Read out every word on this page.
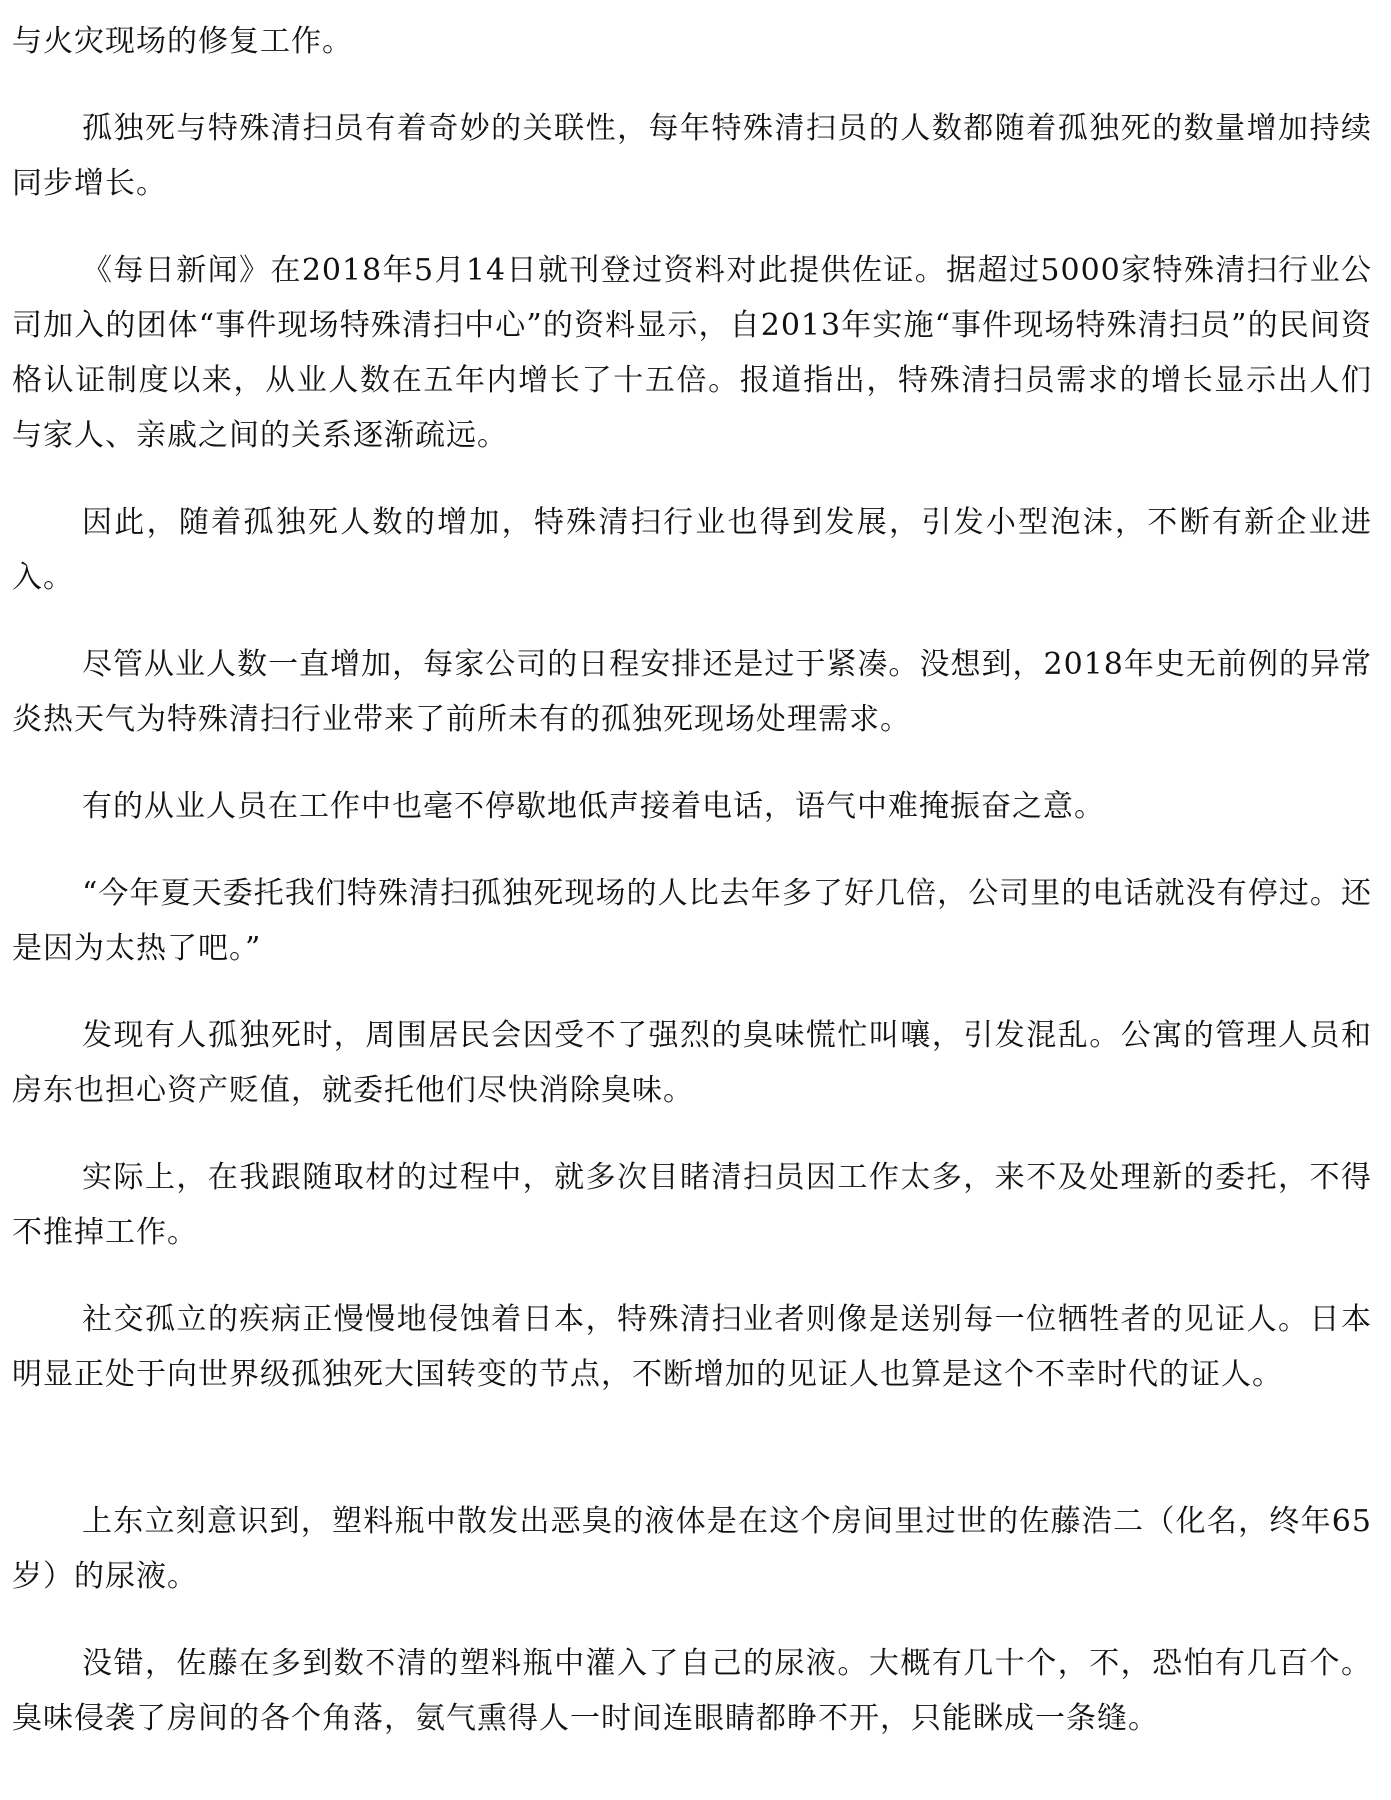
与火灾现场的修复工作。

孤独死与特殊清扫员有着奇妙的关联性，每年特殊清扫员的人数都随着孤独死的数量增加持续同步增长。

《每日新闻》在2018年5月14日就刊登过资料对此提供佐证。据超过5000家特殊清扫行业公司加入的团体“事件现场特殊清扫中心”的资料显示，自2013年实施“事件现场特殊清扫员”的民间资格认证制度以来，从业人数在五年内增长了十五倍。报道指出，特殊清扫员需求的增长显示出人们与家人、亲戚之间的关系逐渐疏远。

因此，随着孤独死人数的增加，特殊清扫行业也得到发展，引发小型泡沫，不断有新企业进入。

尽管从业人数一直增加，每家公司的日程安排还是过于紧凑。没想到，2018年史无前例的异常炎热天气为特殊清扫行业带来了前所未有的孤独死现场处理需求。

有的从业人员在工作中也毫不停歇地低声接着电话，语气中难掩振奋之意。

“今年夏天委托我们特殊清扫孤独死现场的人比去年多了好几倍，公司里的电话就没有停过。还是因为太热了吧。”

发现有人孤独死时，周围居民会因受不了强烈的臭味慌忙叫嚷，引发混乱。公寓的管理人员和房东也担心资产贬值，就委托他们尽快消除臭味。

实际上，在我跟随取材的过程中，就多次目睹清扫员因工作太多，来不及处理新的委托，不得不推掉工作。

社交孤立的疾病正慢慢地侵蚀着日本，特殊清扫业者则像是送别每一位牺牲者的见证人。日本明显正处于向世界级孤独死大国转变的节点，不断增加的见证人也算是这个不幸时代的证人。

上东立刻意识到，塑料瓶中散发出恶臭的液体是在这个房间里过世的佐藤浩二（化名，终年65岁）的尿液。

没错，佐藤在多到数不清的塑料瓶中灌入了自己的尿液。大概有几十个，不，恐怕有几百个。臭味侵袭了房间的各个角落，氨气熏得人一时间连眼睛都睁不开，只能眯成一条缝。
